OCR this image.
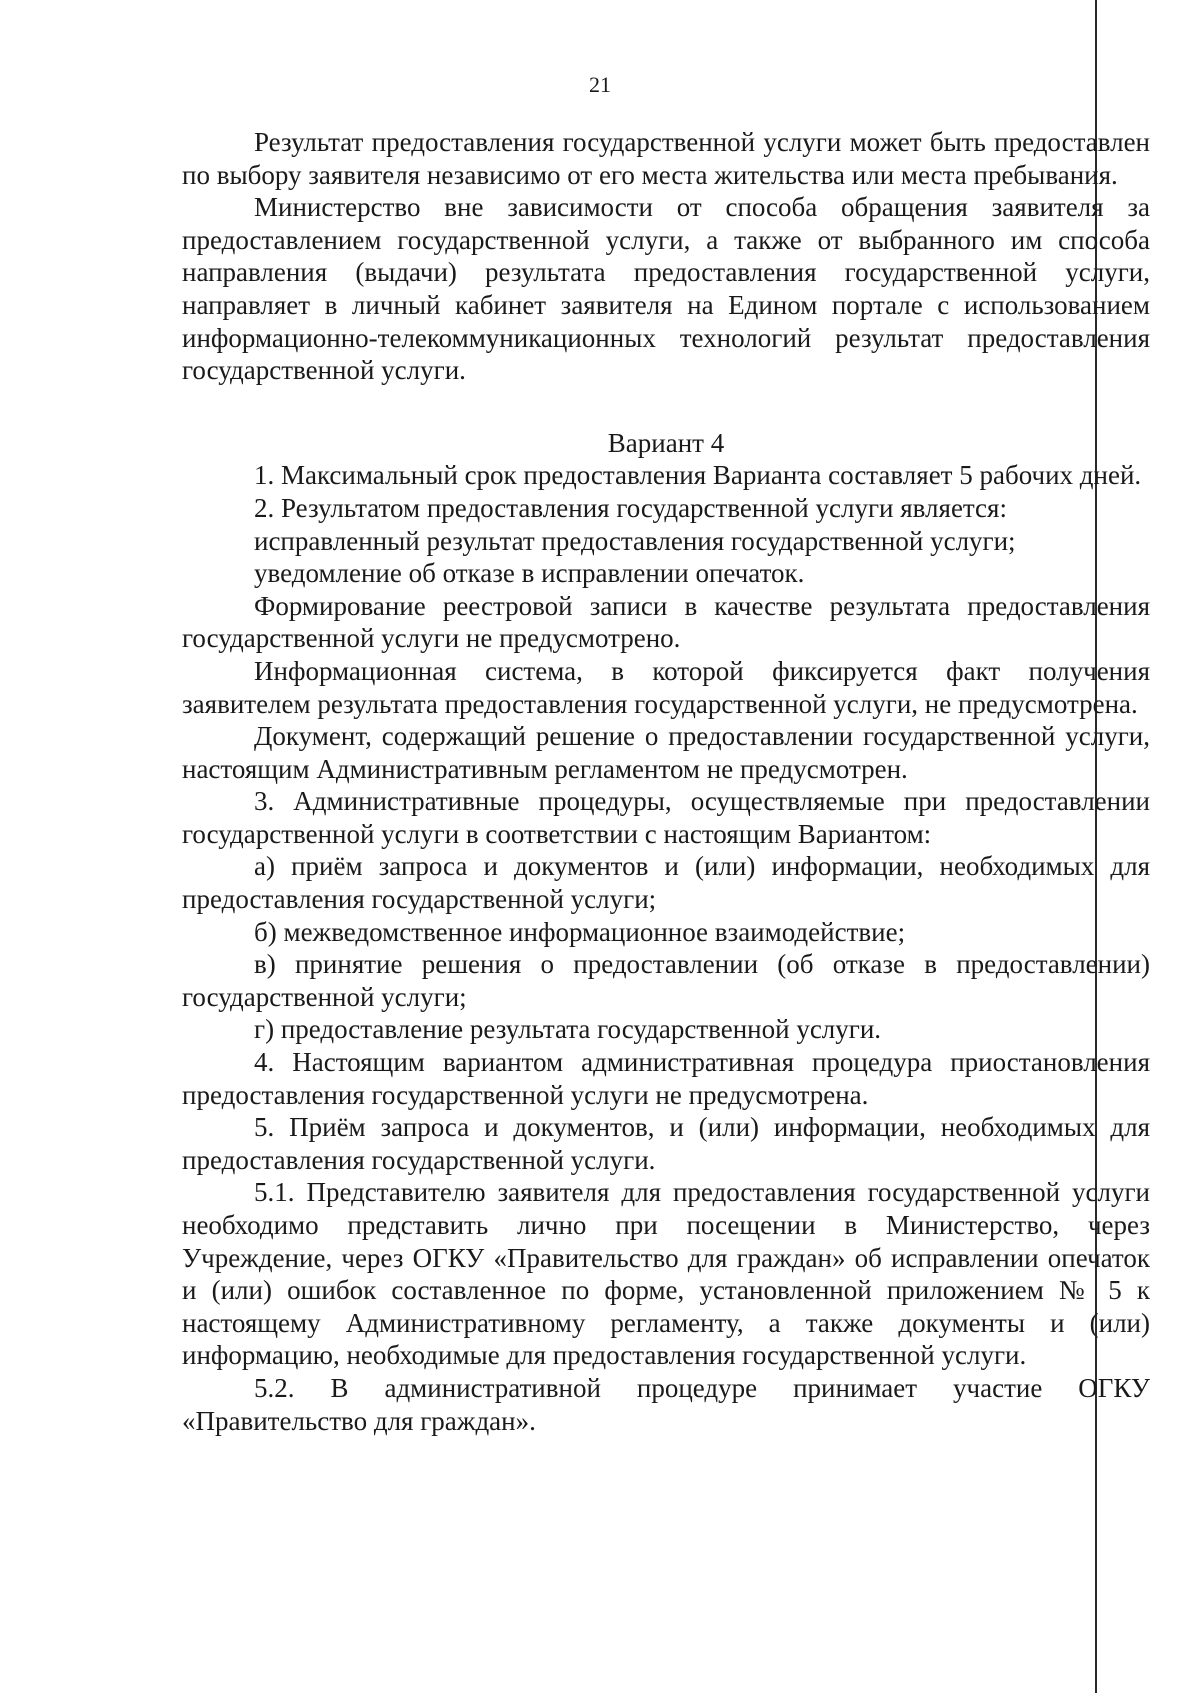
21

Результат предоставления государственной услуги может быть предоставлен по выбору заявителя независимо от его места жительства или места пребывания.

Министерство вне зависимости от способа обращения заявителя за предоставлением государственной услуги, а также от выбранного им способа направления (выдачи) результата предоставления государственной услуги, направляет в личный кабинет заявителя на Едином портале с использованием информационно-телекоммуникационных технологий результат предоставления государственной услуги.

Вариант 4

1. Максимальный срок предоставления Варианта составляет 5 рабочих дней.

2. Результатом предоставления государственной услуги является:

исправленный результат предоставления государственной услуги;

уведомление об отказе в исправлении опечаток.

Формирование реестровой записи в качестве результата предоставления государственной услуги не предусмотрено.

Информационная система, в которой фиксируется факт получения заявителем результата предоставления государственной услуги, не предусмотрена.

Документ, содержащий решение о предоставлении государственной услуги, настоящим Административным регламентом не предусмотрен.

3. Административные процедуры, осуществляемые при предоставлении государственной услуги в соответствии с настоящим Вариантом:

а) приём запроса и документов и (или) информации, необходимых для предоставления государственной услуги;

б) межведомственное информационное взаимодействие;

в) принятие решения о предоставлении (об отказе в предоставлении) государственной услуги;

г) предоставление результата государственной услуги.

4. Настоящим вариантом административная процедура приостановления предоставления государственной услуги не предусмотрена.

5. Приём запроса и документов, и (или) информации, необходимых для предоставления государственной услуги.

5.1. Представителю заявителя для предоставления государственной услуги необходимо представить лично при посещении в Министерство, через Учреждение, через ОГКУ «Правительство для граждан» об исправлении опечаток и (или) ошибок составленное по форме, установленной приложением № 5 к настоящему Административному регламенту, а также документы и (или) информацию, необходимые для предоставления государственной услуги.

5.2. В административной процедуре принимает участие ОГКУ «Правительство для граждан».
